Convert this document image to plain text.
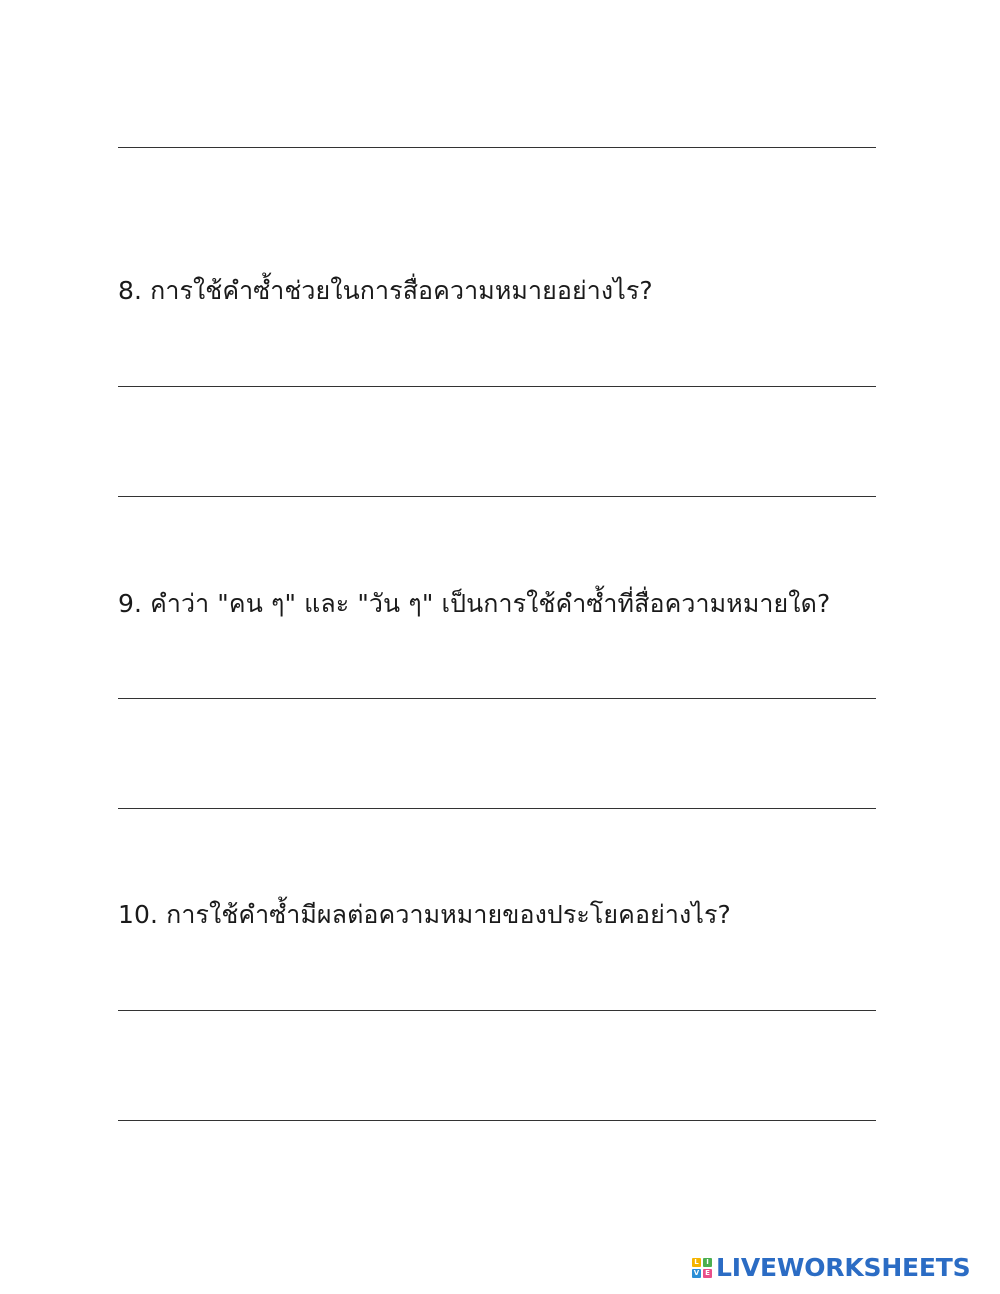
8. การใช้คำซ้ำช่วยในการสื่อความหมายอย่างไร?
9. คำว่า "คน ๆ" และ "วัน ๆ" เป็นการใช้คำซ้ำที่สื่อความหมายใด?
10. การใช้คำซ้ำมีผลต่อความหมายของประโยคอย่างไร?
L	I
V E LIVEWORKSHEETS
